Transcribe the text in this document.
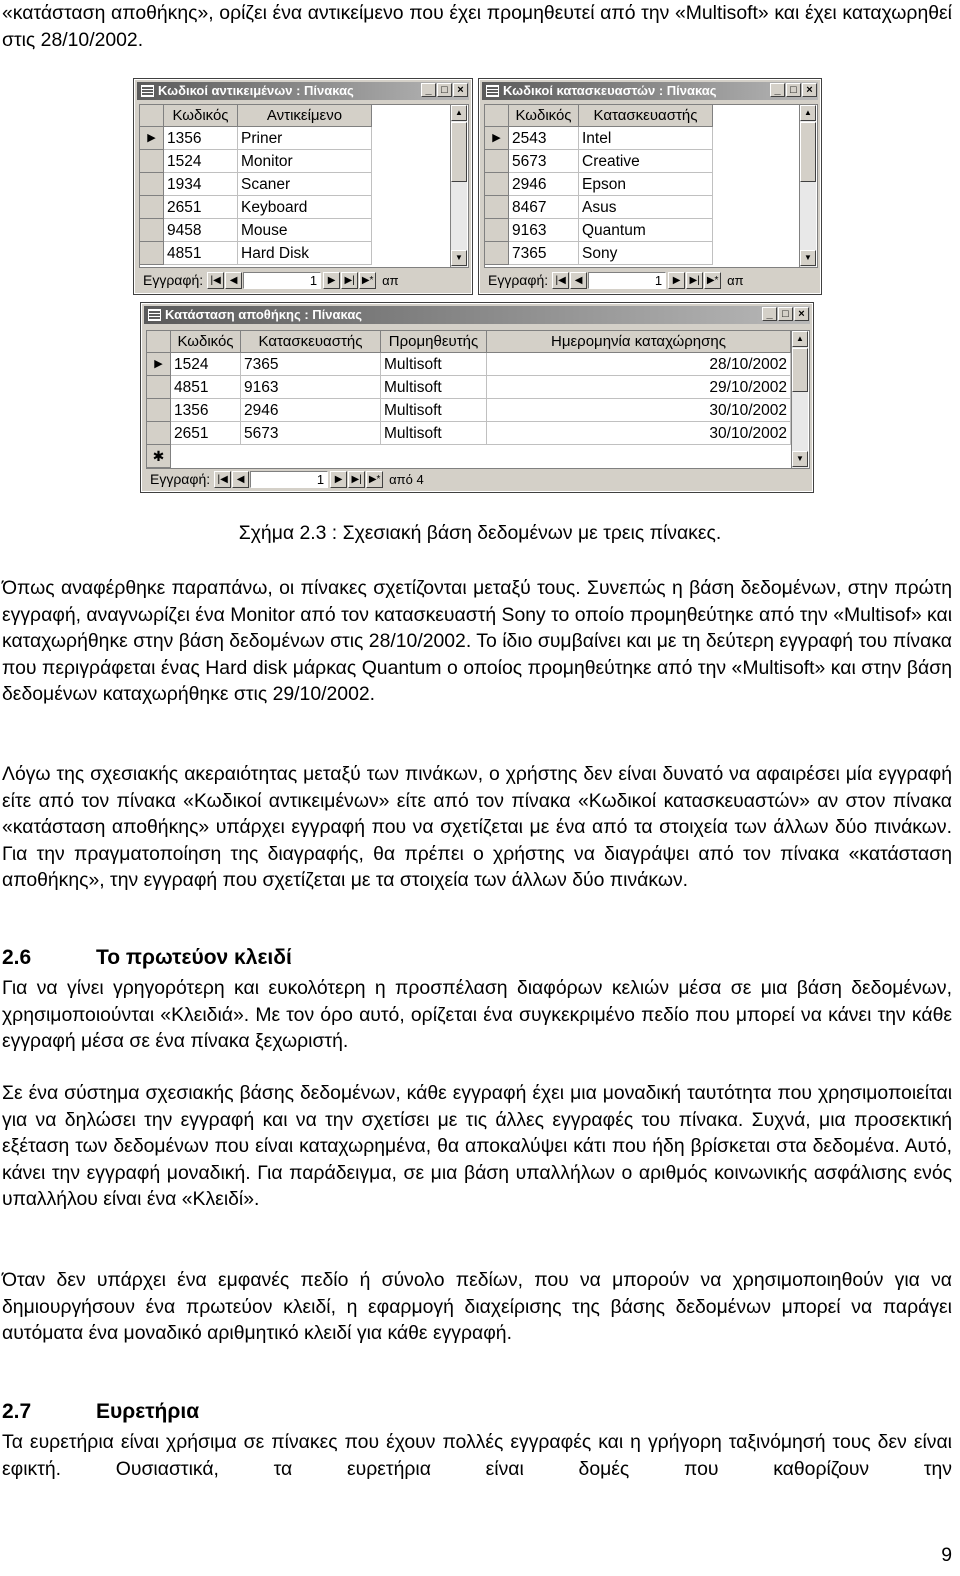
«κατάσταση αποθήκης», ορίζει ένα αντικείμενο που έχει προμηθευτεί από την «Multisoft» και έχει καταχωρηθεί στις 28/10/2002.

Κωδικοί αντικειμένων : Πίνακας	_ □ ×
Κωδικός	Αντικείμενο
▶ 1356	Priner
1524	Monitor
1934	Scaner
2651	Keyboard
9458	Mouse
4851	Hard Disk
▲
▼
Εγγραφή: |◀ ◀	1	▶ ▶| ▶* απ
Κωδικοί κατασκευαστών : Πίνακας	_ □ ×
Κωδικός	Κατασκευαστής
▶ 2543	Intel
5673	Creative
2946	Epson
8467	Asus
9163	Quantum
7365	Sony
▲
▼
Εγγραφή: |◀ ◀	1	▶ ▶| ▶* απ
Κατάσταση αποθήκης : Πίνακας	_ □ ×
Κωδικός	Κατασκευαστής	Προμηθευτής	Ημερομηνία καταχώρησης
▶ 1524	7365	Multisoft	28/10/2002
4851	9163	Multisoft	29/10/2002
1356	2946	Multisoft	30/10/2002
2651	5673	Multisoft	30/10/2002
✱
▲
▼
Εγγραφή: |◀ ◀	1	▶ ▶| ▶* από 4

Σχήμα 2.3 : Σχεσιακή βάση δεδομένων με τρεις πίνακες.

Όπως αναφέρθηκε παραπάνω, οι πίνακες σχετίζονται μεταξύ τους. Συνεπώς η βάση δεδομένων, στην πρώτη εγγραφή, αναγνωρίζει ένα Monitor από τον κατασκευαστή Sony το οποίο προμηθεύτηκε από την «Multisof» και καταχωρήθηκε στην βάση δεδομένων στις 28/10/2002. Το ίδιο συμβαίνει και με τη δεύτερη εγγραφή του πίνακα που περιγράφεται ένας Hard disk μάρκας Quantum ο οποίος προμηθεύτηκε από την «Multisoft» και στην βάση δεδομένων καταχωρήθηκε στις 29/10/2002.

Λόγω της σχεσιακής ακεραιότητας μεταξύ των πινάκων, ο χρήστης δεν είναι δυνατό να αφαιρέσει μία εγγραφή είτε από τον πίνακα «Κωδικοί αντικειμένων» είτε από τον πίνακα «Κωδικοί κατασκευαστών» αν στον πίνακα «κατάσταση αποθήκης» υπάρχει εγγραφή που να σχετίζεται με ένα από τα στοιχεία των άλλων δύο πινάκων. Για την πραγματοποίηση της διαγραφής, θα πρέπει ο χρήστης να διαγράψει από τον πίνακα «κατάσταση αποθήκης», την εγγραφή που σχετίζεται με τα στοιχεία των άλλων δύο πινάκων.

2.6	Το πρωτεύον κλειδί

Για να γίνει γρηγορότερη και ευκολότερη η προσπέλαση διαφόρων κελιών μέσα σε μια βάση δεδομένων, χρησιμοποιούνται «Κλειδιά». Με τον όρο αυτό, ορίζεται ένα συγκεκριμένο πεδίο που μπορεί να κάνει την κάθε εγγραφή μέσα σε ένα πίνακα ξεχωριστή.

Σε ένα σύστημα σχεσιακής βάσης δεδομένων, κάθε εγγραφή έχει μια μοναδική ταυτότητα που χρησιμοποιείται για να δηλώσει την εγγραφή και να την σχετίσει με τις άλλες εγγραφές του πίνακα. Συχνά, μια προσεκτική εξέταση των δεδομένων που είναι καταχωρημένα, θα αποκαλύψει κάτι που ήδη βρίσκεται στα δεδομένα. Αυτό, κάνει την εγγραφή μοναδική. Για παράδειγμα, σε μια βάση υπαλλήλων ο αριθμός κοινωνικής ασφάλισης ενός υπαλλήλου είναι ένα «Κλειδί».

Όταν δεν υπάρχει ένα εμφανές πεδίο ή σύνολο πεδίων, που να μπορούν να χρησιμοποιηθούν για να δημιουργήσουν ένα πρωτεύον κλειδί, η εφαρμογή διαχείρισης της βάσης δεδομένων μπορεί να παράγει αυτόματα ένα μοναδικό αριθμητικό κλειδί για κάθε εγγραφή.

2.7	Ευρετήρια

Τα ευρετήρια είναι χρήσιμα σε πίνακες που έχουν πολλές εγγραφές και η γρήγορη ταξινόμησή τους δεν είναι εφικτή. Ουσιαστικά, τα ευρετήρια είναι δομές που καθορίζουν την

9
